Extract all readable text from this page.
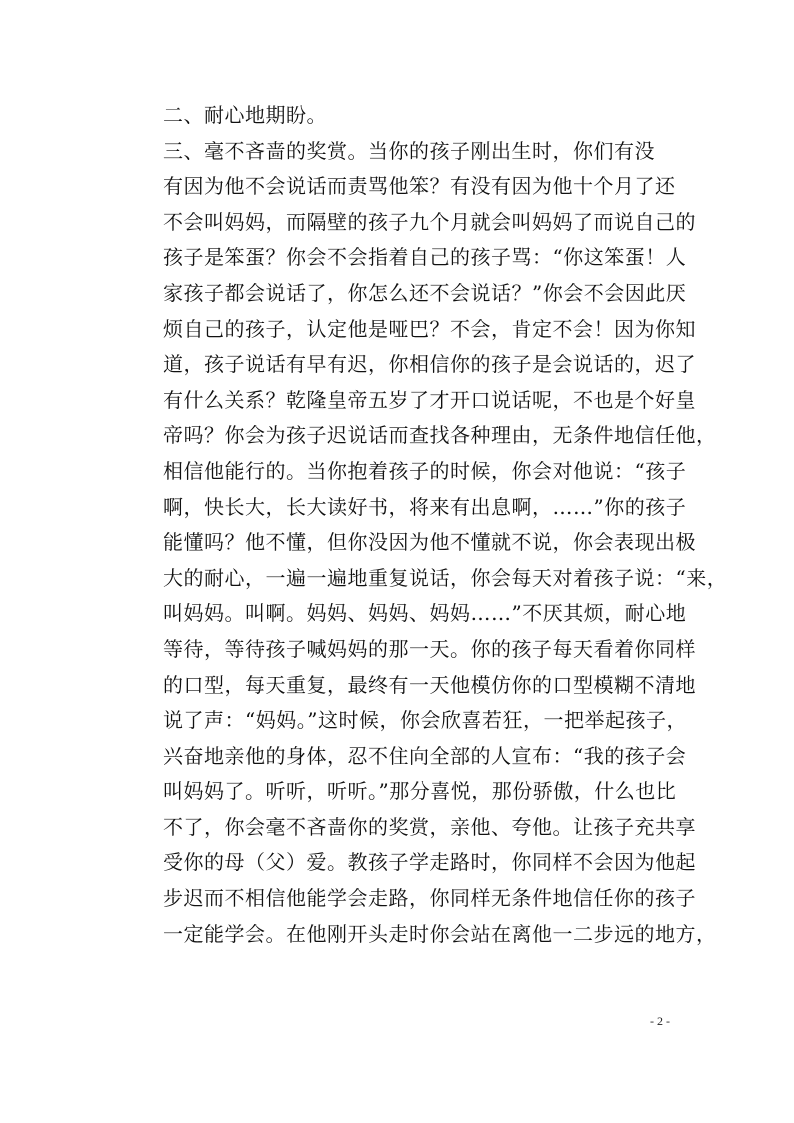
二、耐心地期盼。
三、毫不吝啬的奖赏。当你的孩子刚出生时，你们有没
有因为他不会说话而责骂他笨？有没有因为他十个月了还
不会叫妈妈，而隔壁的孩子九个月就会叫妈妈了而说自己的
孩子是笨蛋？你会不会指着自己的孩子骂：“你这笨蛋！人
家孩子都会说话了，你怎么还不会说话？”你会不会因此厌
烦自己的孩子，认定他是哑巴？不会，肯定不会！因为你知
道，孩子说话有早有迟，你相信你的孩子是会说话的，迟了
有什么关系？乾隆皇帝五岁了才开口说话呢，不也是个好皇
帝吗？你会为孩子迟说话而查找各种理由，无条件地信任他，
相信他能行的。当你抱着孩子的时候，你会对他说：“孩子
啊，快长大，长大读好书，将来有出息啊，……”你的孩子
能懂吗？他不懂，但你没因为他不懂就不说，你会表现出极
大的耐心，一遍一遍地重复说话，你会每天对着孩子说：“来，
叫妈妈。叫啊。妈妈、妈妈、妈妈……”不厌其烦，耐心地
等待，等待孩子喊妈妈的那一天。你的孩子每天看着你同样
的口型，每天重复，最终有一天他模仿你的口型模糊不清地
说了声：“妈妈。”这时候，你会欣喜若狂，一把举起孩子，
兴奋地亲他的身体，忍不住向全部的人宣布：“我的孩子会
叫妈妈了。听听，听听。”那分喜悦，那份骄傲，什么也比
不了，你会毫不吝啬你的奖赏，亲他、夸他。让孩子充共享
受你的母（父）爱。教孩子学走路时，你同样不会因为他起
步迟而不相信他能学会走路，你同样无条件地信任你的孩子
一定能学会。在他刚开头走时你会站在离他一二步远的地方，
- 2 -
